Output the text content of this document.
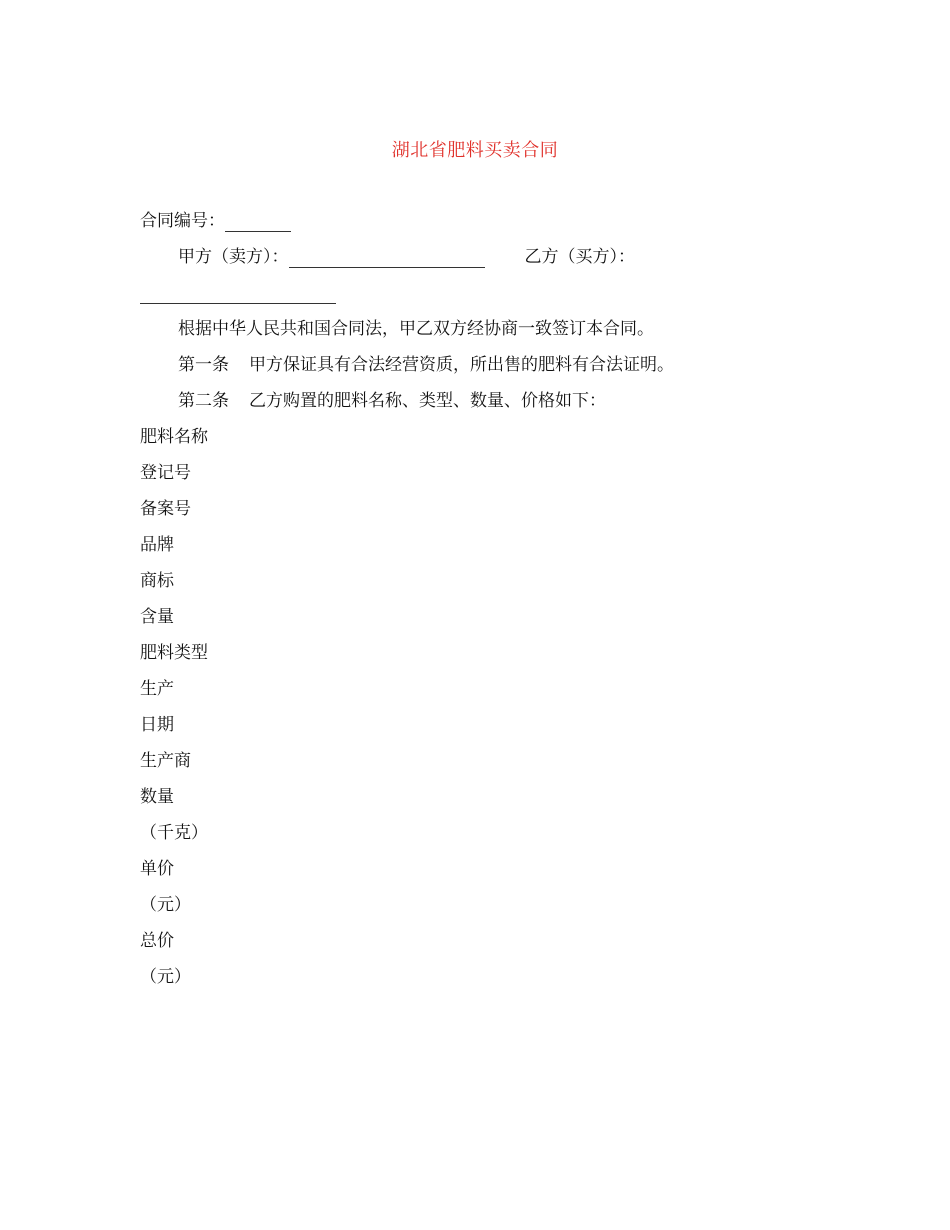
湖北省肥料买卖合同
合同编号：
甲方（卖方）：	乙方（买方）：
根据中华人民共和国合同法，甲乙双方经协商一致签订本合同。
第一条 甲方保证具有合法经营资质，所出售的肥料有合法证明。
第二条 乙方购置的肥料名称、类型、数量、价格如下：
肥料名称
登记号
备案号
品牌
商标
含量
肥料类型
生产
日期
生产商
数量
（千克）
单价
（元）
总价
（元）
